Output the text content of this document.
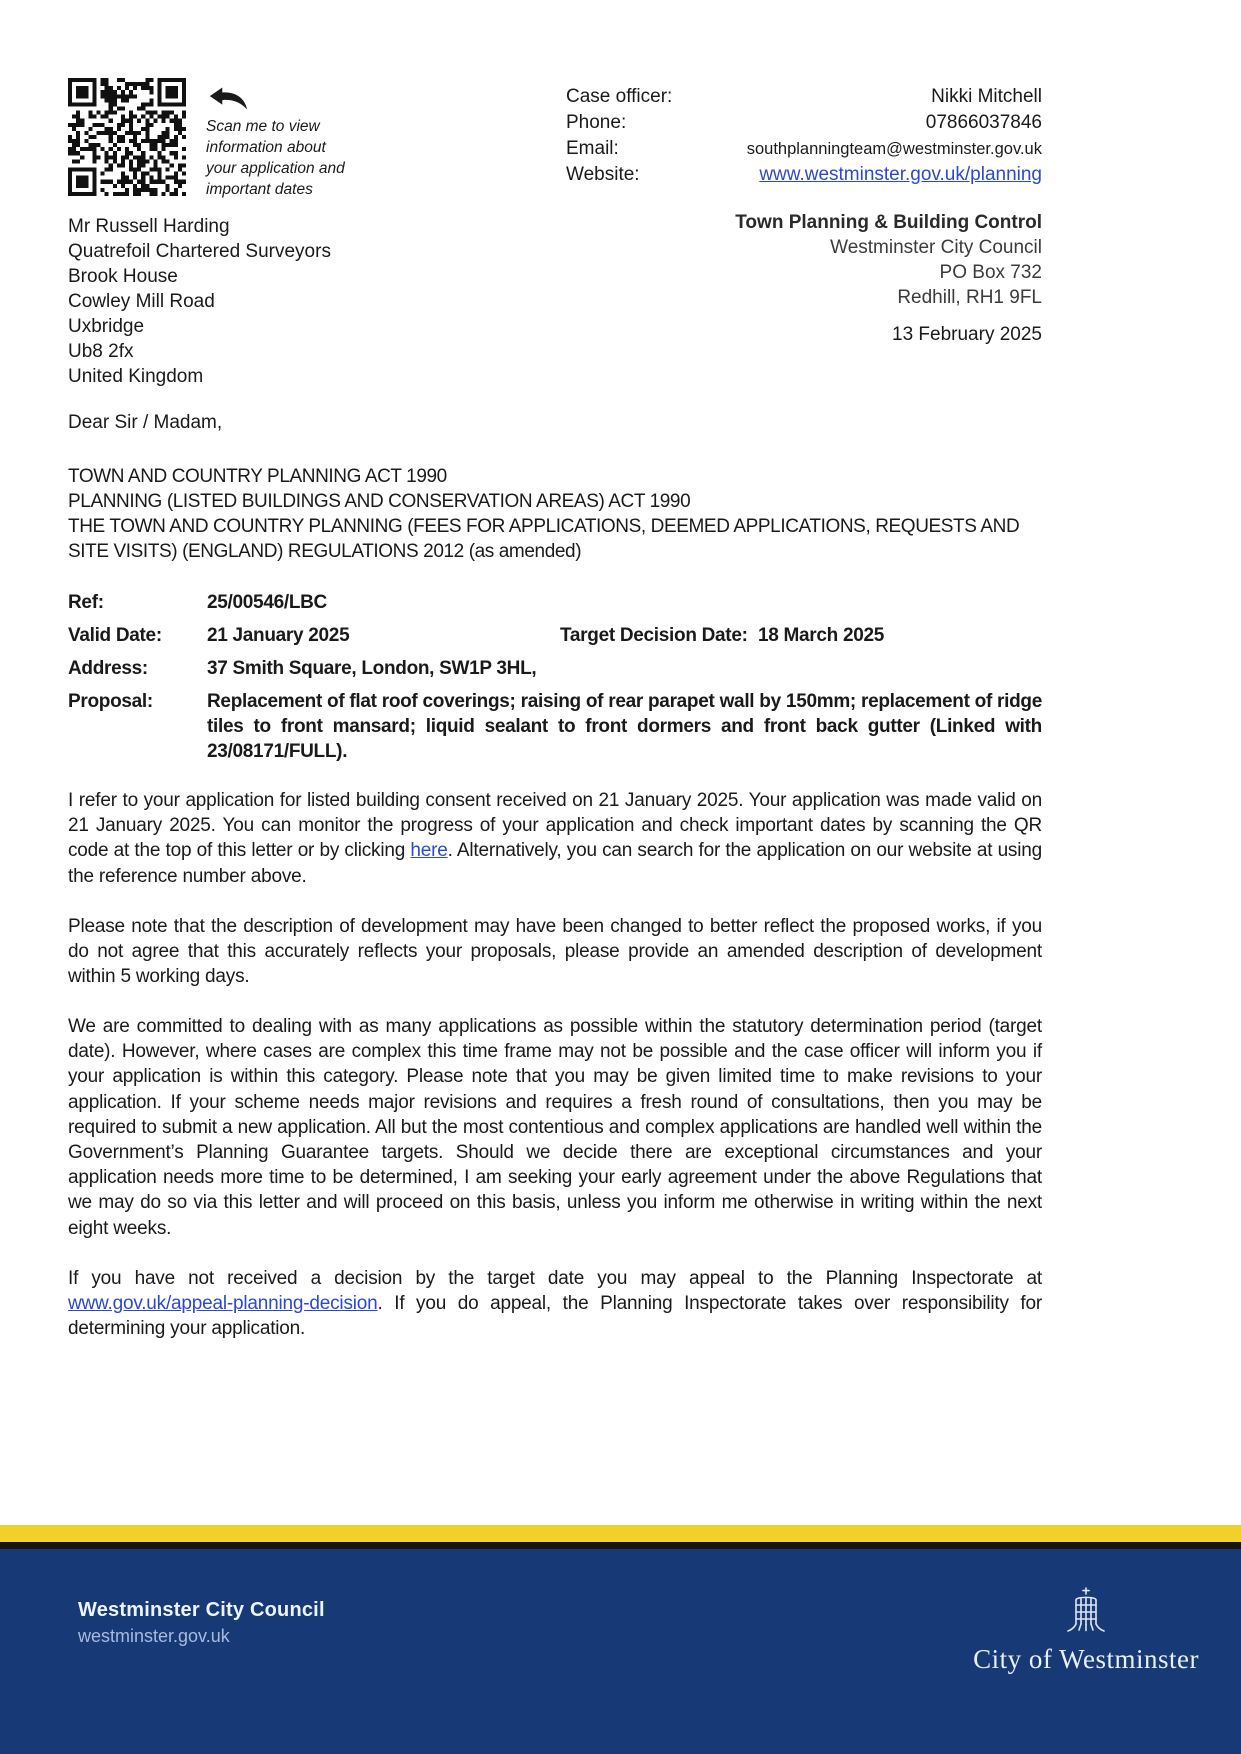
Scan me to view
information about
your application and
important dates
Case officer:	Nikki Mitchell
Phone:	07866037846
Email:	southplanningteam@westminster.gov.uk
Website:	www.westminster.gov.uk/planning
Mr Russell Harding
Quatrefoil Chartered Surveyors
Brook House
Cowley Mill Road
Uxbridge
Ub8 2fx
United Kingdom
Town Planning & Building Control
Westminster City Council
PO Box 732
Redhill, RH1 9FL
13 February 2025
Dear Sir / Madam,
TOWN AND COUNTRY PLANNING ACT 1990
PLANNING (LISTED BUILDINGS AND CONSERVATION AREAS) ACT 1990
THE TOWN AND COUNTRY PLANNING (FEES FOR APPLICATIONS, DEEMED APPLICATIONS, REQUESTS AND SITE VISITS) (ENGLAND) REGULATIONS 2012 (as amended)
Ref:	25/00546/LBC
Valid Date:	21 January 2025	Target Decision Date: 18 March 2025
Address:	37 Smith Square, London, SW1P 3HL,
Proposal:	Replacement of flat roof coverings; raising of rear parapet wall by 150mm; replacement of ridge tiles to front mansard; liquid sealant to front dormers and front back gutter (Linked with 23/08171/FULL).
I refer to your application for listed building consent received on 21 January 2025. Your application was made valid on 21 January 2025. You can monitor the progress of your application and check important dates by scanning the QR code at the top of this letter or by clicking here. Alternatively, you can search for the application on our website at using the reference number above.
Please note that the description of development may have been changed to better reflect the proposed works, if you do not agree that this accurately reflects your proposals, please provide an amended description of development within 5 working days.
We are committed to dealing with as many applications as possible within the statutory determination period (target date). However, where cases are complex this time frame may not be possible and the case officer will inform you if your application is within this category. Please note that you may be given limited time to make revisions to your application. If your scheme needs major revisions and requires a fresh round of consultations, then you may be required to submit a new application. All but the most contentious and complex applications are handled well within the Government’s Planning Guarantee targets. Should we decide there are exceptional circumstances and your application needs more time to be determined, I am seeking your early agreement under the above Regulations that we may do so via this letter and will proceed on this basis, unless you inform me otherwise in writing within the next eight weeks.
If you have not received a decision by the target date you may appeal to the Planning Inspectorate at www.gov.uk/appeal-planning-decision. If you do appeal, the Planning Inspectorate takes over responsibility for determining your application.
Westminster City Council
westminster.gov.uk
City of Westminster
